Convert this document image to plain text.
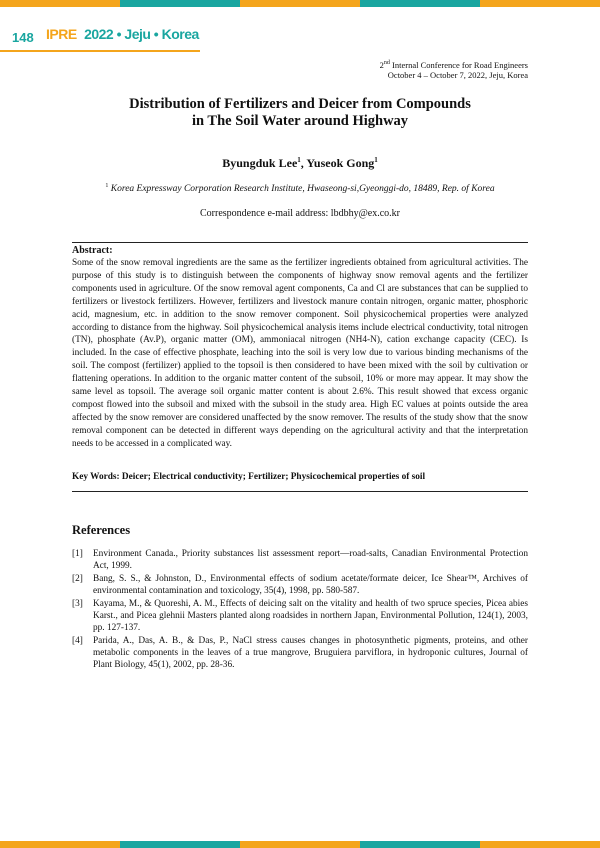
148 IPRE 2022 • Jeju • Korea
2nd Internal Conference for Road Engineers
October 4 – October 7, 2022, Jeju, Korea
Distribution of Fertilizers and Deicer from Compounds
in The Soil Water around Highway
Byungduk Lee$^1$, Yuseok Gong$^1$
$^1$ Korea Expressway Corporation Research Institute, Hwaseong-si,Gyeonggi-do, 18489, Rep. of Korea
Correspondence e-mail address: lbdbhy@ex.co.kr
Abstract:
Some of the snow removal ingredients are the same as the fertilizer ingredients obtained from agricultural activities. The purpose of this study is to distinguish between the components of highway snow removal agents and the fertilizer components used in agriculture. Of the snow removal agent components, Ca and Cl are substances that can be supplied to fertilizers or livestock fertilizers. However, fertilizers and livestock manure contain nitrogen, organic matter, phosphoric acid, magnesium, etc. in addition to the snow remover component. Soil physicochemical properties were analyzed according to distance from the highway. Soil physicochemical analysis items include electrical conductivity, total nitrogen (TN), phosphate (Av.P), organic matter (OM), ammoniacal nitrogen (NH4-N), cation exchange capacity (CEC). Is included. In the case of effective phosphate, leaching into the soil is very low due to various binding mechanisms of the soil. The compost (fertilizer) applied to the topsoil is then considered to have been mixed with the soil by cultivation or flattening operations. In addition to the organic matter content of the subsoil, 10% or more may appear. It may show the same level as topsoil. The average soil organic matter content is about 2.6%. This result showed that excess organic compost flowed into the subsoil and mixed with the subsoil in the study area. High EC values at points outside the area affected by the snow remover are considered unaffected by the snow remover. The results of the study show that the snow removal component can be detected in different ways depending on the agricultural activity and that the interpretation needs to be accessed in a complicated way.
Key Words: Deicer; Electrical conductivity; Fertilizer; Physicochemical properties of soil
References
[1]	Environment Canada., Priority substances list assessment report—road-salts, Canadian Environmental Protection Act, 1999.
[2]	Bang, S. S., & Johnston, D., Environmental effects of sodium acetate/formate deicer, Ice Shear™, Archives of environmental contamination and toxicology, 35(4), 1998, pp. 580-587.
[3]	Kayama, M., & Quoreshi, A. M., Effects of deicing salt on the vitality and health of two spruce species, Picea abies Karst., and Picea glehnii Masters planted along roadsides in northern Japan, Environmental Pollution, 124(1), 2003, pp. 127-137.
[4]	Parida, A., Das, A. B., & Das, P., NaCl stress causes changes in photosynthetic pigments, proteins, and other metabolic components in the leaves of a true mangrove, Bruguiera parviflora, in hydroponic cultures, Journal of Plant Biology, 45(1), 2002, pp. 28-36.
